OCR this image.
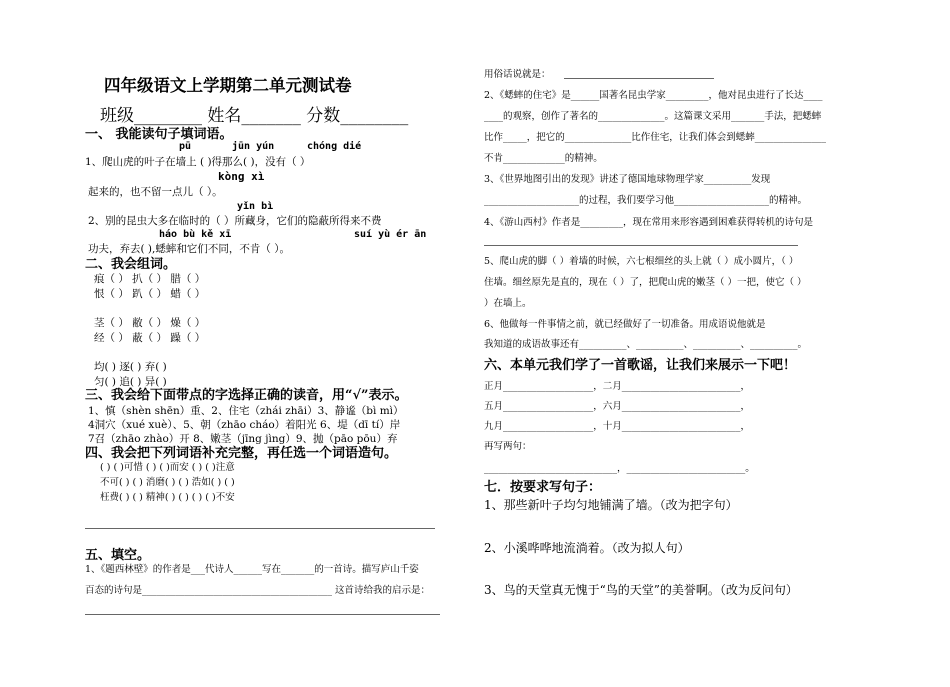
四年级语文上学期第二单元测试卷
班级________ 姓名_______ 分数________
一、 我能读句子填词语。
pū	jūn yún	chóng dié
1、爬山虎的叶子在墙上 ( )得那么( )，没有（ ）
kòng xì
起来的，也不留一点儿（ ）。
yǐn bì
2、别的昆虫大多在临时的（ ）所藏身，它们的隐蔽所得来不费
háo bù kě xī	suí yù ér ān
功夫，弃去( ),蟋蟀和它们不同，不肯（ ）。
二、我会组词。
痕（ ） 扒（ ） 腊（ ）
恨（ ） 趴（ ） 蜡（ ）
茎（ ） 敝（ ） 燥（ ）
经（ ） 蔽（ ） 躁（ ）
均( ) 逐( ) 弃( )
匀( ) 追( ) 异( )
三、我会给下面带点的字选择正确的读音，用“√”表示。
1、慎（shèn shēn）重、2、住宅（zhái zhāi）3、静谧（bì mì）
4洞穴（xué xuè）、5、朝（zhāo cháo）着阳光 6、堤（dī tí）岸
7召（zhāo zhào）开 8、嫩茎（jīng jìng）9、抛（pāo pōu）弃
四、我会把下列词语补充完整，再任选一个词语造句。
( ) ( )可惜 ( ) ( )而安 ( ) ( )注意
不可( ) ( ) 消磨( ) ( ) 浩如( ) ( )
枉费( ) ( ) 精神( ) ( ) ( ) ( )不安
五、填空。
1、《题西林壁》的作者是___代诗人______写在_______的一首诗。描写庐山千姿
百态的诗句是________________________________________ 这首诗给我的启示是：
用俗话说就是：
2、《蟋蟀的住宅》是______国著名昆虫学家_________，他对昆虫进行了长达____
____的观察，创作了著名的______________。这篇课文采用_______手法，把蟋蟀
比作_____，把它的______________比作住宅，让我们体会到蟋蟀_______________
不肯_____________的精神。
3、《世界地图引出的发现》讲述了德国地球物理学家__________发现
____________________的过程，我们要学习他____________________的精神。
4、《游山西村》作者是_________，现在常用来形容遇到困难获得转机的诗句是
5、爬山虎的脚（ ）着墙的时候，六七根细丝的头上就（ ）成小圆片，（ ）
住墙。细丝原先是直的，现在（ ）了，把爬山虎的嫩茎（ ）一把，使它（ ）
）在墙上。
6、他做每一件事情之前，就已经做好了一切准备。用成语说他就是
我知道的成语故事还有__________、__________、__________、__________。
六、本单元我们学了一首歌谣，让我们来展示一下吧！
正月___________________，二月_________________________，
五月___________________，六月_________________________，
九月___________________，十月_________________________，
再写两句：
____________________________，_________________________。
七．按要求写句子：
1、那些新叶子均匀地铺满了墙。（改为把字句）
2、小溪哗哗地流淌着。（改为拟人句）
3、鸟的天堂真无愧于“鸟的天堂”的美誉啊。（改为反问句）
